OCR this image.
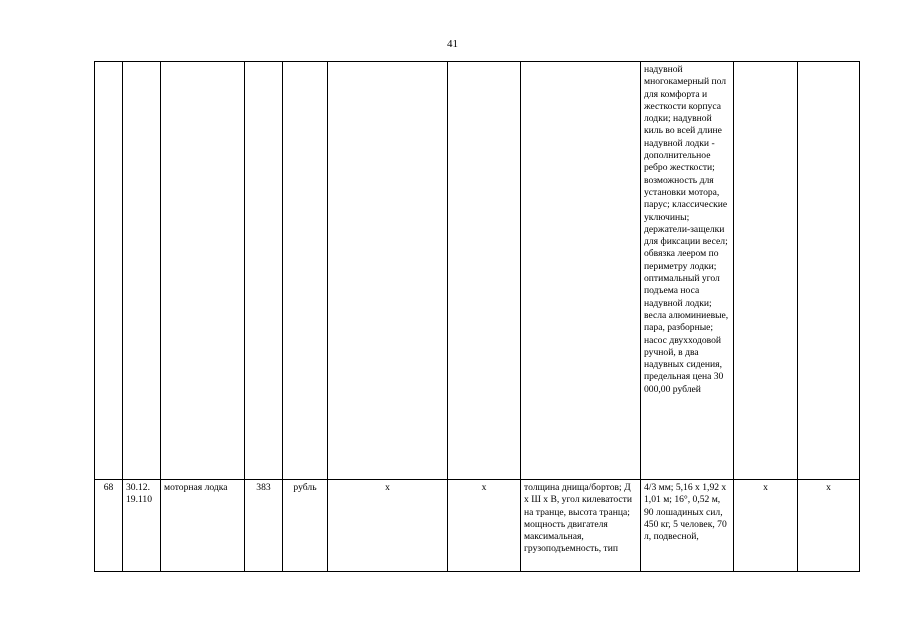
41
								надувной многокамерный пол для комфорта и жесткости корпуса лодки; надувной киль во всей длине надувной лодки - дополнительное ребро жесткости; возможность для установки мотора, парус; классические уключины; держатели-защелки для фиксации весел; обвязка леером по периметру лодки; оптимальный угол подъема носа надувной лодки; весла алюминиевые, пара, разборные; насос двухходовой ручной, в два надувных сидения, предельная цена 30 000,00 рублей		
68	30.12. 19.110	моторная лодка	383	рубль	x	x	толщина днища/бортов; Д x Ш x В, угол килеватости на транце, высота транца; мощность двигателя максимальная, грузоподъемность, тип	4/3 мм; 5,16 x 1,92 x 1,01 м; 16°, 0,52 м, 90 лошадиных сил, 450 кг, 5 человек, 70 л, подвесной,	x	x
